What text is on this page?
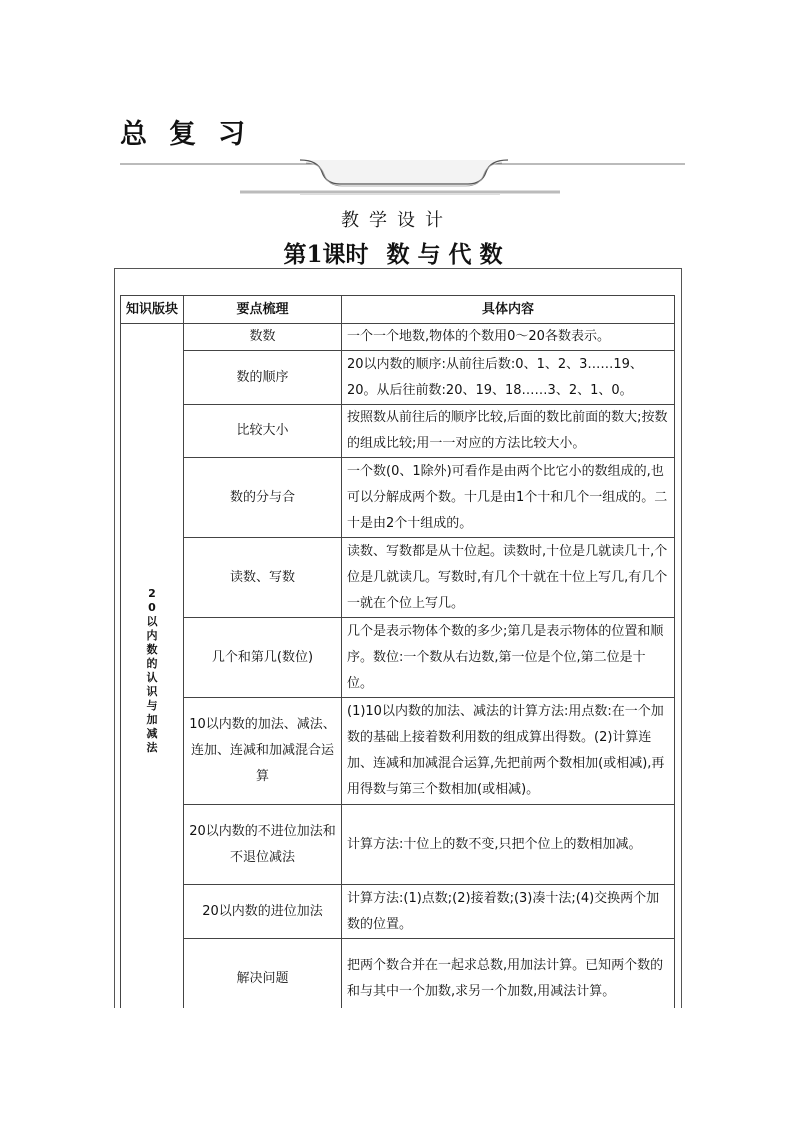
总复习
教学设计
第1课时 数与代数
知识版块	要点梳理	具体内容
20以内数的认识与加减法	数数	一个一个地数,物体的个数用0～20各数表示。
	数的顺序	20以内数的顺序:从前往后数:0、1、2、3……19、20。从后往前数:20、19、18……3、2、1、0。
	比较大小	按照数从前往后的顺序比较,后面的数比前面的数大;按数的组成比较;用一一对应的方法比较大小。
	数的分与合	一个数(0、1除外)可看作是由两个比它小的数组成的,也可以分解成两个数。十几是由1个十和几个一组成的。二十是由2个十组成的。
	读数、写数	读数、写数都是从十位起。读数时,十位是几就读几十,个位是几就读几。写数时,有几个十就在十位上写几,有几个一就在个位上写几。
	几个和第几(数位)	几个是表示物体个数的多少;第几是表示物体的位置和顺序。数位:一个数从右边数,第一位是个位,第二位是十位。
	10以内数的加法、减法、连加、连减和加减混合运算	(1)10以内数的加法、减法的计算方法:用点数:在一个加数的基础上接着数利用数的组成算出得数。(2)计算连加、连减和加减混合运算,先把前两个数相加(或相减),再用得数与第三个数相加(或相减)。
	20以内数的不进位加法和不退位减法	计算方法:十位上的数不变,只把个位上的数相加减。
	20以内数的进位加法	计算方法:(1)点数;(2)接着数;(3)凑十法;(4)交换两个加数的位置。
	解决问题	把两个数合并在一起求总数,用加法计算。已知两个数的和与其中一个加数,求另一个加数,用减法计算。
